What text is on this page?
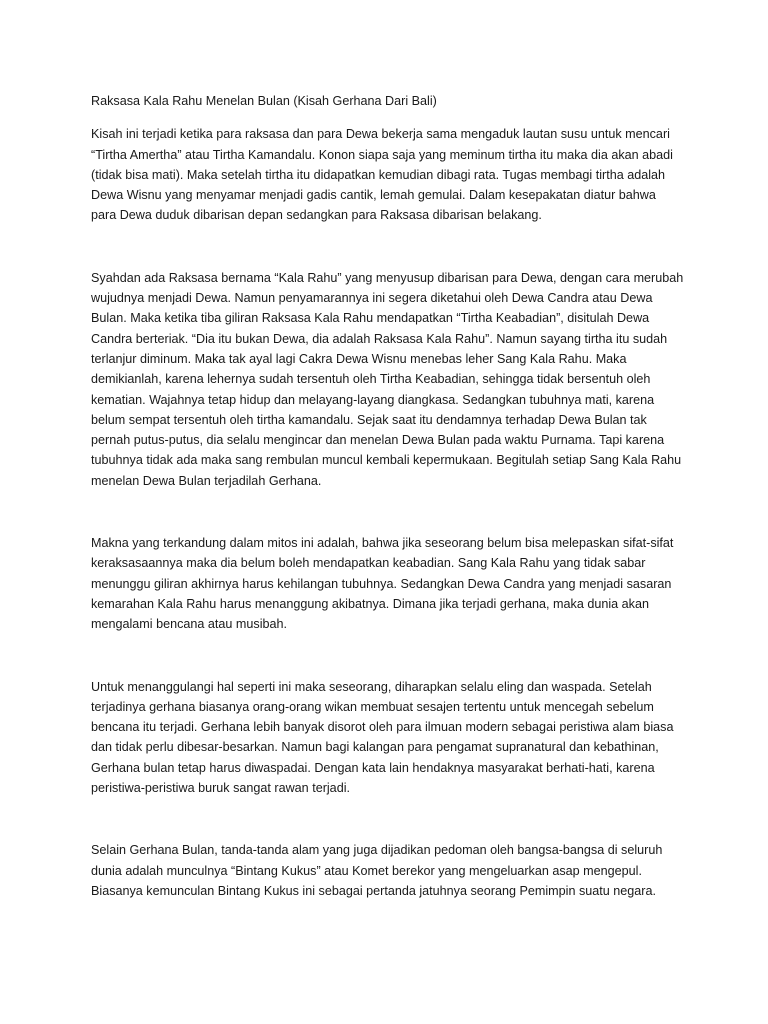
Raksasa Kala Rahu Menelan Bulan (Kisah Gerhana Dari Bali)

Kisah ini terjadi ketika para raksasa dan para Dewa bekerja sama mengaduk lautan susu untuk mencari
“Tirtha Amertha” atau Tirtha Kamandalu. Konon siapa saja yang meminum tirtha itu maka dia akan abadi
(tidak bisa mati). Maka setelah tirtha itu didapatkan kemudian dibagi rata. Tugas membagi tirtha adalah
Dewa Wisnu yang menyamar menjadi gadis cantik, lemah gemulai. Dalam kesepakatan diatur bahwa
para Dewa duduk dibarisan depan sedangkan para Raksasa dibarisan belakang.

Syahdan ada Raksasa bernama “Kala Rahu” yang menyusup dibarisan para Dewa, dengan cara merubah
wujudnya menjadi Dewa. Namun penyamarannya ini segera diketahui oleh Dewa Candra atau Dewa
Bulan. Maka ketika tiba giliran Raksasa Kala Rahu mendapatkan “Tirtha Keabadian”, disitulah Dewa
Candra berteriak. “Dia itu bukan Dewa, dia adalah Raksasa Kala Rahu”. Namun sayang tirtha itu sudah
terlanjur diminum. Maka tak ayal lagi Cakra Dewa Wisnu menebas leher Sang Kala Rahu. Maka
demikianlah, karena lehernya sudah tersentuh oleh Tirtha Keabadian, sehingga tidak bersentuh oleh
kematian. Wajahnya tetap hidup dan melayang-layang diangkasa. Sedangkan tubuhnya mati, karena
belum sempat tersentuh oleh tirtha kamandalu. Sejak saat itu dendamnya terhadap Dewa Bulan tak
pernah putus-putus, dia selalu mengincar dan menelan Dewa Bulan pada waktu Purnama. Tapi karena
tubuhnya tidak ada maka sang rembulan muncul kembali kepermukaan. Begitulah setiap Sang Kala Rahu
menelan Dewa Bulan terjadilah Gerhana.

Makna yang terkandung dalam mitos ini adalah, bahwa jika seseorang belum bisa melepaskan sifat-sifat
keraksasaannya maka dia belum boleh mendapatkan keabadian. Sang Kala Rahu yang tidak sabar
menunggu giliran akhirnya harus kehilangan tubuhnya. Sedangkan Dewa Candra yang menjadi sasaran
kemarahan Kala Rahu harus menanggung akibatnya. Dimana jika terjadi gerhana, maka dunia akan
mengalami bencana atau musibah.

Untuk menanggulangi hal seperti ini maka seseorang, diharapkan selalu eling dan waspada. Setelah
terjadinya gerhana biasanya orang-orang wikan membuat sesajen tertentu untuk mencegah sebelum
bencana itu terjadi. Gerhana lebih banyak disorot oleh para ilmuan modern sebagai peristiwa alam biasa
dan tidak perlu dibesar-besarkan. Namun bagi kalangan para pengamat supranatural dan kebathinan,
Gerhana bulan tetap harus diwaspadai. Dengan kata lain hendaknya masyarakat berhati-hati, karena
peristiwa-peristiwa buruk sangat rawan terjadi.

Selain Gerhana Bulan, tanda-tanda alam yang juga dijadikan pedoman oleh bangsa-bangsa di seluruh
dunia adalah munculnya “Bintang Kukus” atau Komet berekor yang mengeluarkan asap mengepul.
Biasanya kemunculan Bintang Kukus ini sebagai pertanda jatuhnya seorang Pemimpin suatu negara.
